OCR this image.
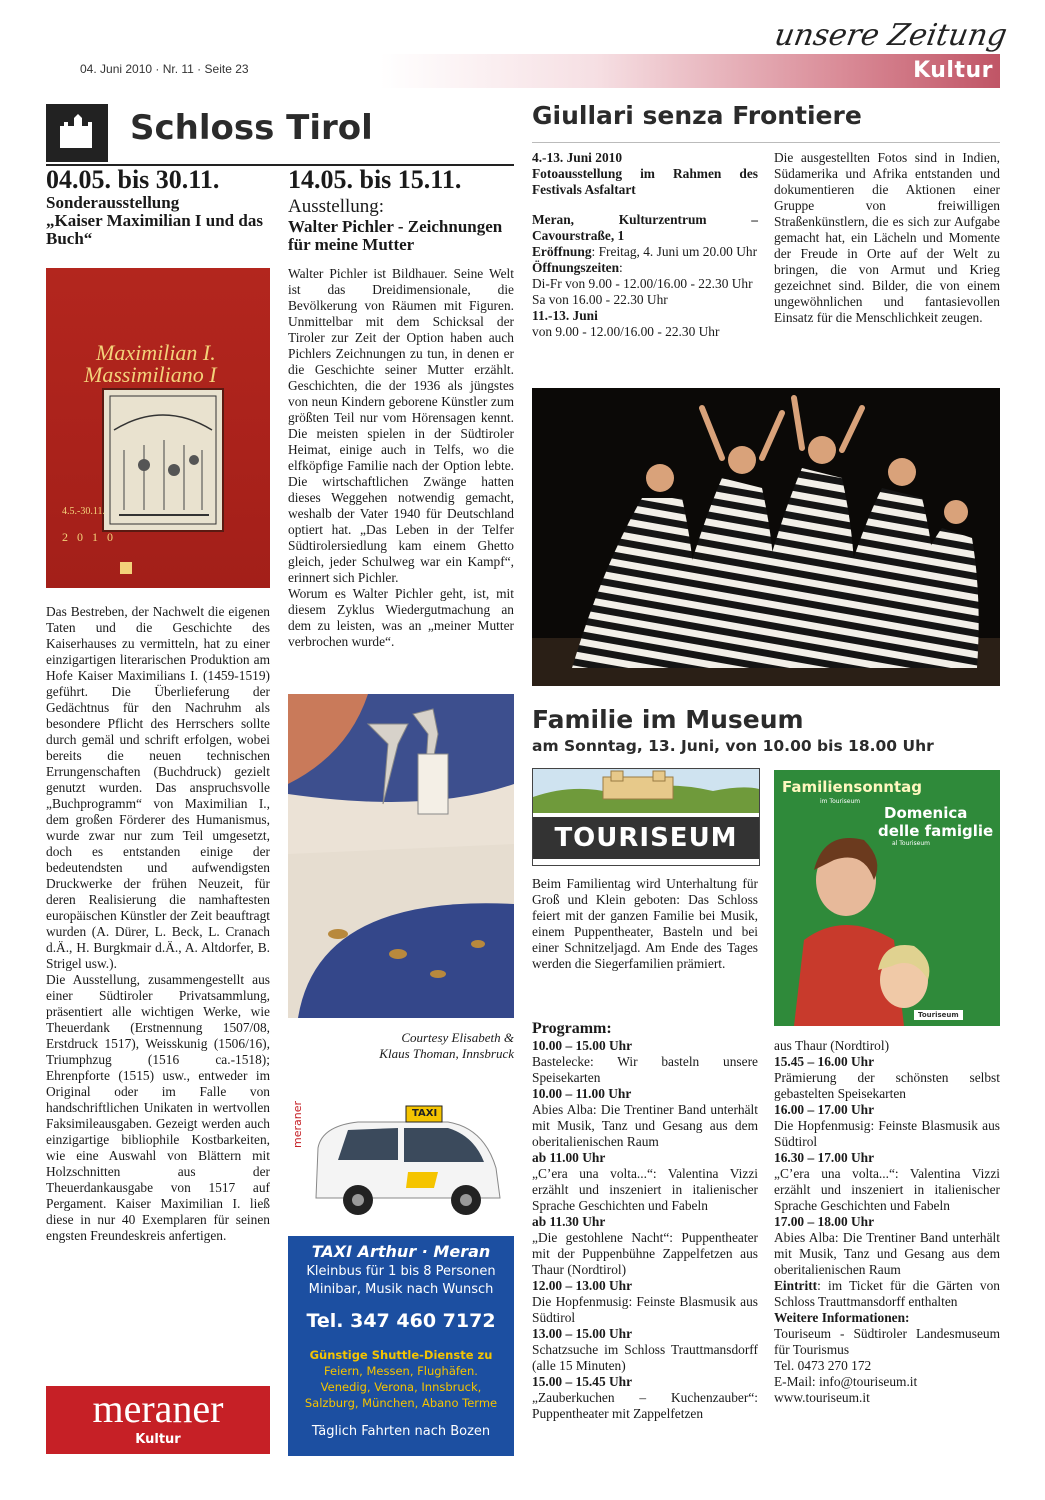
unsere Zeitung
Kultur
04. Juni 2010 · Nr. 11 · Seite 23
Schloss Tirol
04.05. bis 30.11.
Sonderausstellung
„Kaiser Maximilian I und das Buch“
Maximilian I.
Massimiliano I
4.5.-30.11.
2 0 1 0

Das Bestreben, der Nachwelt die eigenen Taten und die Geschichte des Kaiserhauses zu vermitteln, hat zu einer einzigartigen literarischen Produktion am Hofe Kaiser Maximilians I. (1459-1519) geführt. Die Überlieferung der Gedächtnus für den Nachruhm als besondere Pflicht des Herrschers sollte durch gemäl und schrift erfolgen, wobei bereits die neuen technischen Errungenschaften (Buchdruck) gezielt genutzt wurden. Das anspruchsvolle „Buchprogramm“ von Maximilian I., dem großen Förderer des Humanismus, wurde zwar nur zum Teil umgesetzt, doch es entstanden einige der bedeutendsten und aufwendigsten Druckwerke der frühen Neuzeit, für deren Realisierung die namhaftesten europäischen Künstler der Zeit beauftragt wurden (A. Dürer, L. Beck, L. Cranach d.Ä., H. Burgkmair d.Ä., A. Altdorfer, B. Strigel usw.).

Die Ausstellung, zusammengestellt aus einer Südtiroler Privatsammlung, präsentiert alle wichtigen Werke, wie Theuerdank (Erstnennung 1507/08, Erstdruck 1517), Weisskunig (1506/16), Triumphzug (1516 ca.-1518); Ehrenpforte (1515) usw., entweder im Original oder im Falle von handschriftlichen Unikaten in wertvollen Faksimileausgaben. Gezeigt werden auch einzigartige bibliophile Kostbarkeiten, wie eine Auswahl von Blättern mit Holzschnitten aus der Theuerdankausgabe von 1517 auf Pergament. Kaiser Maximilian I. ließ diese in nur 40 Exemplaren für seinen engsten Freundeskreis anfertigen.

meraner
Kultur
14.05. bis 15.11.
Ausstellung:
Walter Pichler - Zeichnungen für meine Mutter

Walter Pichler ist Bildhauer. Seine Welt ist das Dreidimensionale, die Bevölkerung von Räumen mit Figuren. Unmittelbar mit dem Schicksal der Tiroler zur Zeit der Option haben auch Pichlers Zeichnungen zu tun, in denen er die Geschichte seiner Mutter erzählt. Geschichten, die der 1936 als jüngstes von neun Kindern geborene Künstler zum größten Teil nur vom Hörensagen kennt. Die meisten spielen in der Südtiroler Heimat, einige auch in Telfs, wo die elfköpfige Familie nach der Option lebte. Die wirtschaftlichen Zwänge hatten dieses Weggehen notwendig gemacht, weshalb der Vater 1940 für Deutschland optiert hat. „Das Leben in der Telfer Südtirolersiedlung kam einem Ghetto gleich, jeder Schulweg war ein Kampf“, erinnert sich Pichler.

Worum es Walter Pichler geht, ist, mit diesem Zyklus Wiedergutmachung an dem zu leisten, was an „meiner Mutter verbrochen wurde“.

Courtesy Elisabeth &
Klaus Thoman, Innsbruck
meraner	TAXI
TAXI Arthur · Meran
Kleinbus für 1 bis 8 Personen
Minibar, Musik nach Wunsch
Tel. 347 460 7172
Günstige Shuttle-Dienste zu
Feiern, Messen, Flughäfen.
Venedig, Verona, Innsbruck,
Salzburg, München, Abano Terme
Täglich Fahrten nach Bozen
Giullari senza Frontiere

4.-13. Juni 2010

Fotoausstellung im Rahmen des Festivals Asfaltart

Meran, Kulturzentrum – Cavourstraße, 1

Eröffnung: Freitag, 4. Juni um 20.00 Uhr

Öffnungszeiten:

Di-Fr von 9.00 - 12.00/16.00 - 22.30 Uhr

Sa von 16.00 - 22.30 Uhr

11.-13. Juni

von 9.00 - 12.00/16.00 - 22.30 Uhr

Die ausgestellten Fotos sind in Indien, Südamerika und Afrika entstanden und dokumentieren die Aktionen einer Gruppe von freiwilligen Straßenkünstlern, die es sich zur Aufgabe gemacht hat, ein Lächeln und Momente der Freude in Orte auf der Welt zu bringen, die von Armut und Krieg gezeichnet sind. Bilder, die von einem ungewöhnlichen und fantasievollen Einsatz für die Menschlichkeit zeugen.

Familie im Museum
am Sonntag, 13. Juni, von 10.00 bis 18.00 Uhr
TOURISEUM

Beim Familientag wird Unterhaltung für Groß und Klein geboten: Das Schloss feiert mit der ganzen Familie bei Musik, einem Puppentheater, Basteln und bei einer Schnitzeljagd. Am Ende des Tages werden die Siegerfamilien prämiert.

Familiensonntag
im Touriseum
Domenica
delle famiglie
al Touriseum
Touriseum

Programm:

10.00 – 15.00 Uhr

Bastelecke: Wir basteln unsere Speisekarten

10.00 – 11.00 Uhr

Abies Alba: Die Trentiner Band unterhält mit Musik, Tanz und Gesang aus dem oberitalienischen Raum

ab 11.00 Uhr

„C’era una volta...“: Valentina Vizzi erzählt und inszeniert in italienischer Sprache Geschichten und Fabeln

ab 11.30 Uhr

„Die gestohlene Nacht“: Puppentheater mit der Puppenbühne Zappelfetzen aus Thaur (Nordtirol)

12.00 – 13.00 Uhr

Die Hopfenmusig: Feinste Blasmusik aus Südtirol

13.00 – 15.00 Uhr

Schatzsuche im Schloss Trauttmansdorff (alle 15 Minuten)

15.00 – 15.45 Uhr

„Zauberkuchen – Kuchenzauber“: Puppentheater mit Zappelfetzen

aus Thaur (Nordtirol)

15.45 – 16.00 Uhr

Prämierung der schönsten selbst gebastelten Speisekarten

16.00 – 17.00 Uhr

Die Hopfenmusig: Feinste Blasmusik aus Südtirol

16.30 – 17.00 Uhr

„C’era una volta...“: Valentina Vizzi erzählt und inszeniert in italienischer Sprache Geschichten und Fabeln

17.00 – 18.00 Uhr

Abies Alba: Die Trentiner Band unterhält mit Musik, Tanz und Gesang aus dem oberitalienischen Raum

Eintritt: im Ticket für die Gärten von Schloss Trauttmansdorff enthalten

Weitere Informationen:

Touriseum - Südtiroler Landesmuseum für Tourismus

Tel. 0473 270 172

E-Mail: info@touriseum.it

www.touriseum.it
